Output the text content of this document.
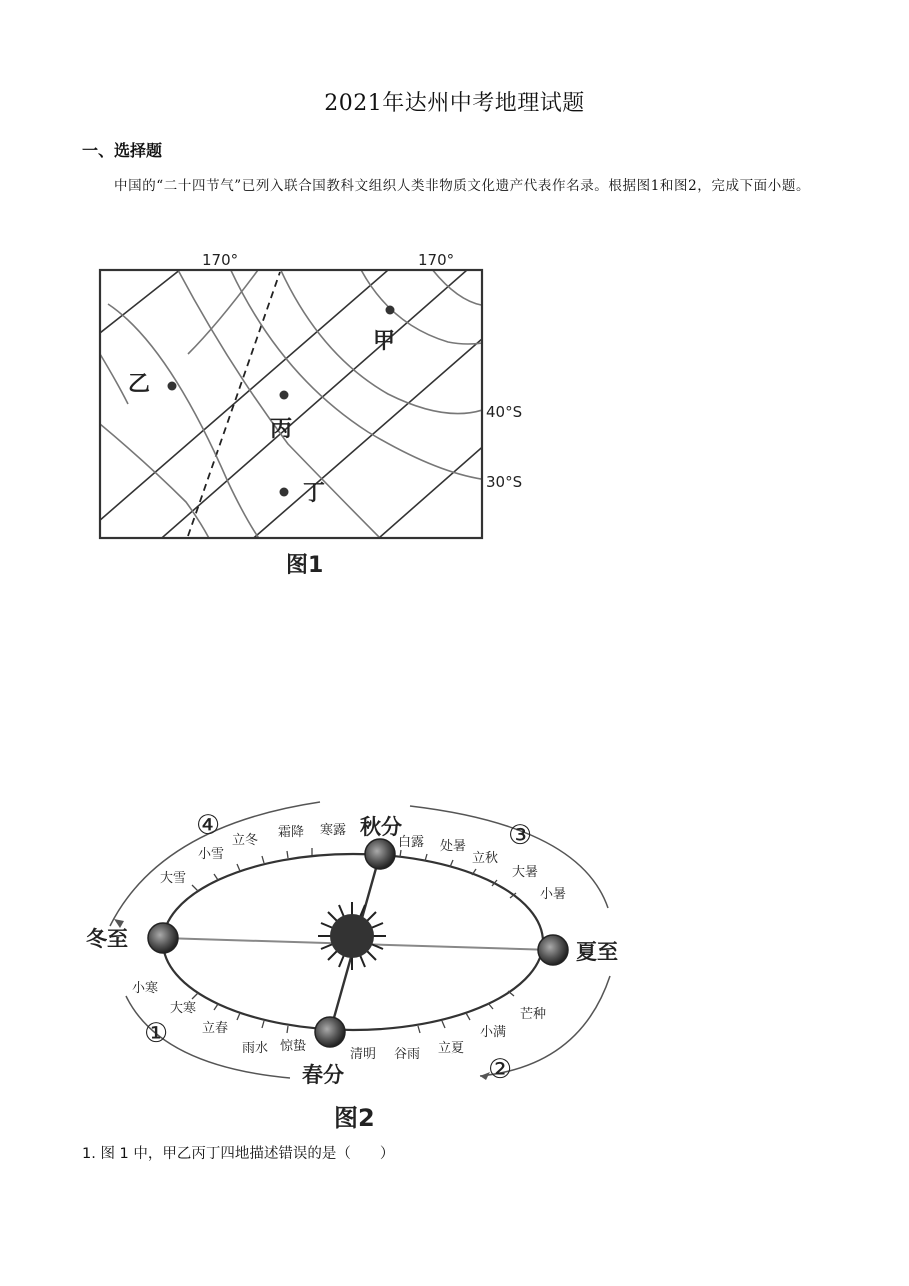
2021年达州中考地理试题
一、选择题
中国的“二十四节气”已列入联合国教科文组织人类非物质文化遗产代表作名录。根据图1和图2，完成下面小题。
170°	170°
40°S
30°S
甲
乙
丙
丁
图1
秋分
冬至
夏至
春分
④	③
①
②
霜降 寒露
立冬
小雪
大雪
白露 处暑
立秋
大暑
小暑
小寒
大寒
立春
雨水 惊蛰
清明 谷雨 立夏
小满
芒种
图2
1. 图 1 中，甲乙丙丁四地描述错误的是（　　）
